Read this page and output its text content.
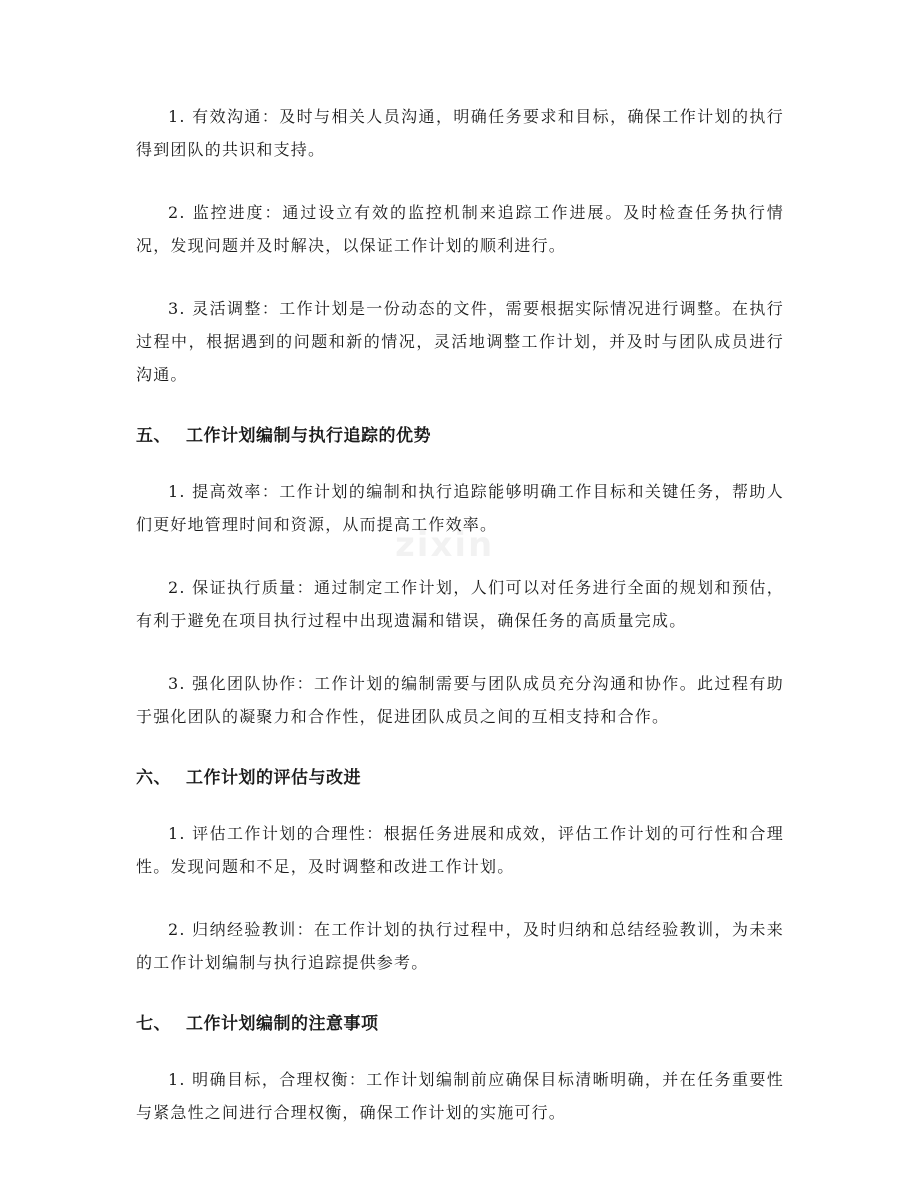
1. 有效沟通：及时与相关人员沟通，明确任务要求和目标，确保工作计划的执行得到团队的共识和支持。

2. 监控进度：通过设立有效的监控机制来追踪工作进展。及时检查任务执行情况，发现问题并及时解决，以保证工作计划的顺利进行。

3. 灵活调整：工作计划是一份动态的文件，需要根据实际情况进行调整。在执行过程中，根据遇到的问题和新的情况，灵活地调整工作计划，并及时与团队成员进行沟通。

五、 工作计划编制与执行追踪的优势

1. 提高效率：工作计划的编制和执行追踪能够明确工作目标和关键任务，帮助人们更好地管理时间和资源，从而提高工作效率。

2. 保证执行质量：通过制定工作计划，人们可以对任务进行全面的规划和预估，有利于避免在项目执行过程中出现遗漏和错误，确保任务的高质量完成。

3. 强化团队协作：工作计划的编制需要与团队成员充分沟通和协作。此过程有助于强化团队的凝聚力和合作性，促进团队成员之间的互相支持和合作。

六、 工作计划的评估与改进

1. 评估工作计划的合理性：根据任务进展和成效，评估工作计划的可行性和合理性。发现问题和不足，及时调整和改进工作计划。

2. 归纳经验教训：在工作计划的执行过程中，及时归纳和总结经验教训，为未来的工作计划编制与执行追踪提供参考。

七、 工作计划编制的注意事项

1. 明确目标，合理权衡：工作计划编制前应确保目标清晰明确，并在任务重要性与紧急性之间进行合理权衡，确保工作计划的实施可行。

zixin
